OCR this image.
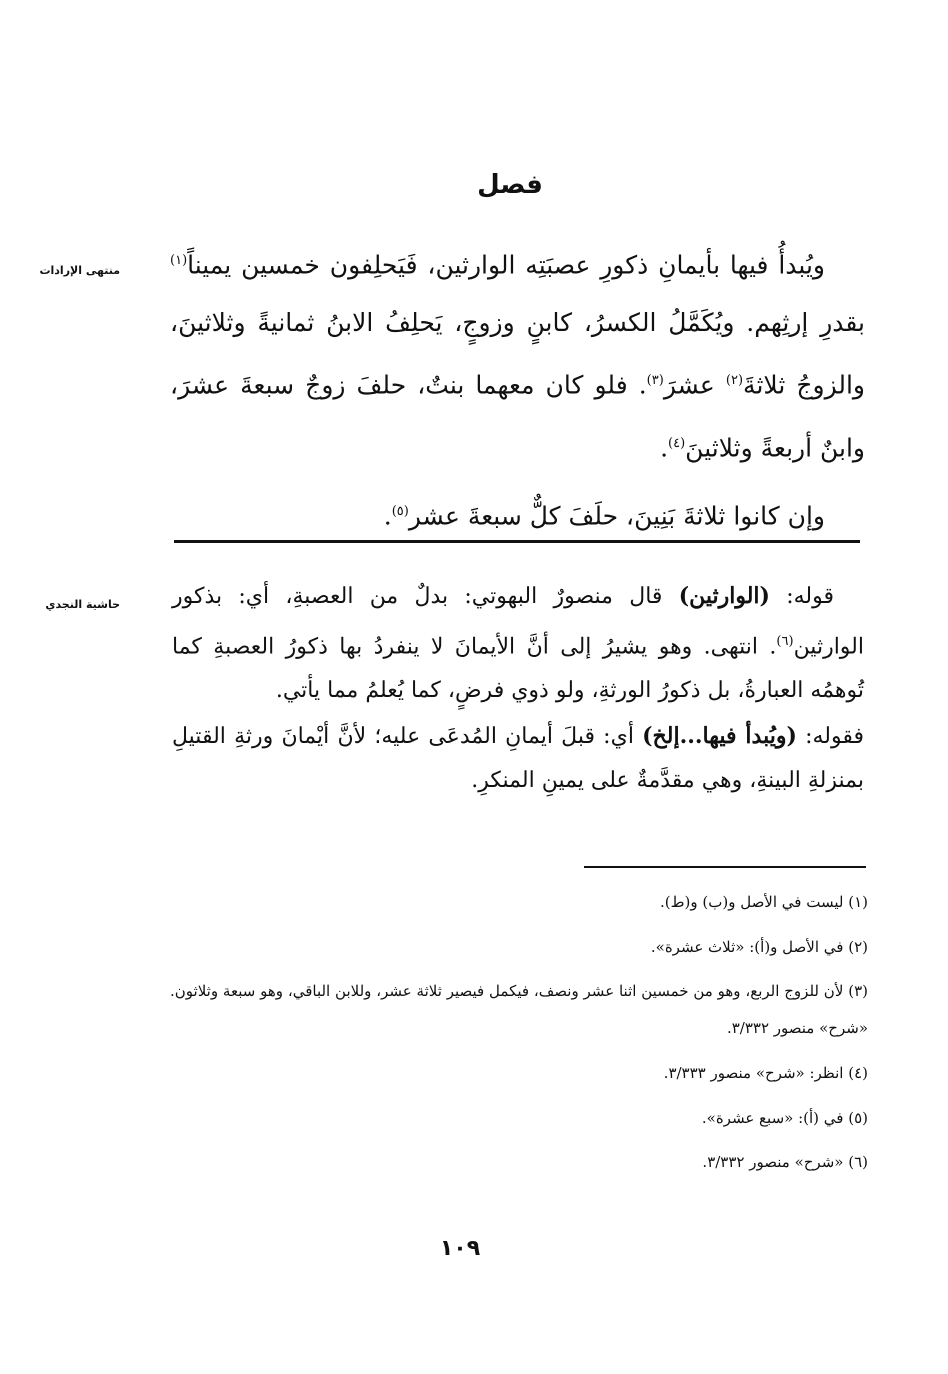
فصل
منتهى الإرادات	ويُبدأُ فيها بأيمانِ ذكورِ عصبَتِه الوارثين، فَيَحلِفون خمسين يميناً$^{(١)}$ بقدرِ إرثِهم. ويُكَمَّلُ الكسرُ، كابنٍ وزوجٍ، يَحلِفُ الابنُ ثمانيةً وثلاثينَ، والزوجُ ثلاثةَ$^{(٢)}$ عشرَ$^{(٣)}$. فلو كان معهما بنتٌ، حلفَ زوجٌ سبعةَ عشرَ، وابنٌ أربعةً وثلاثينَ$^{(٤)}$.

وإن كانوا ثلاثةَ بَنِينَ، حلَفَ كلٌّ سبعةَ عشر$^{(٥)}$.

حاشية النجدي	قوله: (الوارثين) قال منصورٌ البهوتي: بدلٌ من العصبةِ، أي: بذكور الوارثين$^{(٦)}$. انتهى. وهو يشيرُ إلى أنَّ الأيمانَ لا ينفردُ بها ذكورُ العصبةِ كما تُوهمُه العبارةُ، بل ذكورُ الورثةِ، ولو ذوي فرضٍ، كما يُعلمُ مما يأتي.

فقوله: (ويُبدأ فيها...إلخ) أي: قبلَ أيمانِ المُدعَى عليه؛ لأنَّ أيْمانَ ورثةِ القتيلِ بمنزلةِ البينةِ، وهي مقدَّمةٌ على يمينِ المنكرِ.

(١) ليست في الأصل و(ب) و(ط).

(٢) في الأصل و(أ): «ثلاث عشرة».

(٣) لأن للزوج الربع، وهو من خمسين اثنا عشر ونصف، فيكمل فيصير ثلاثة عشر، وللابن الباقي، وهو سبعة وثلاثون. «شرح» منصور ٣/٣٣٢.

(٤) انظر: «شرح» منصور ٣/٣٣٣.

(٥) في (أ): «سبع عشرة».

(٦) «شرح» منصور ٣/٣٣٢.

١٠٩
